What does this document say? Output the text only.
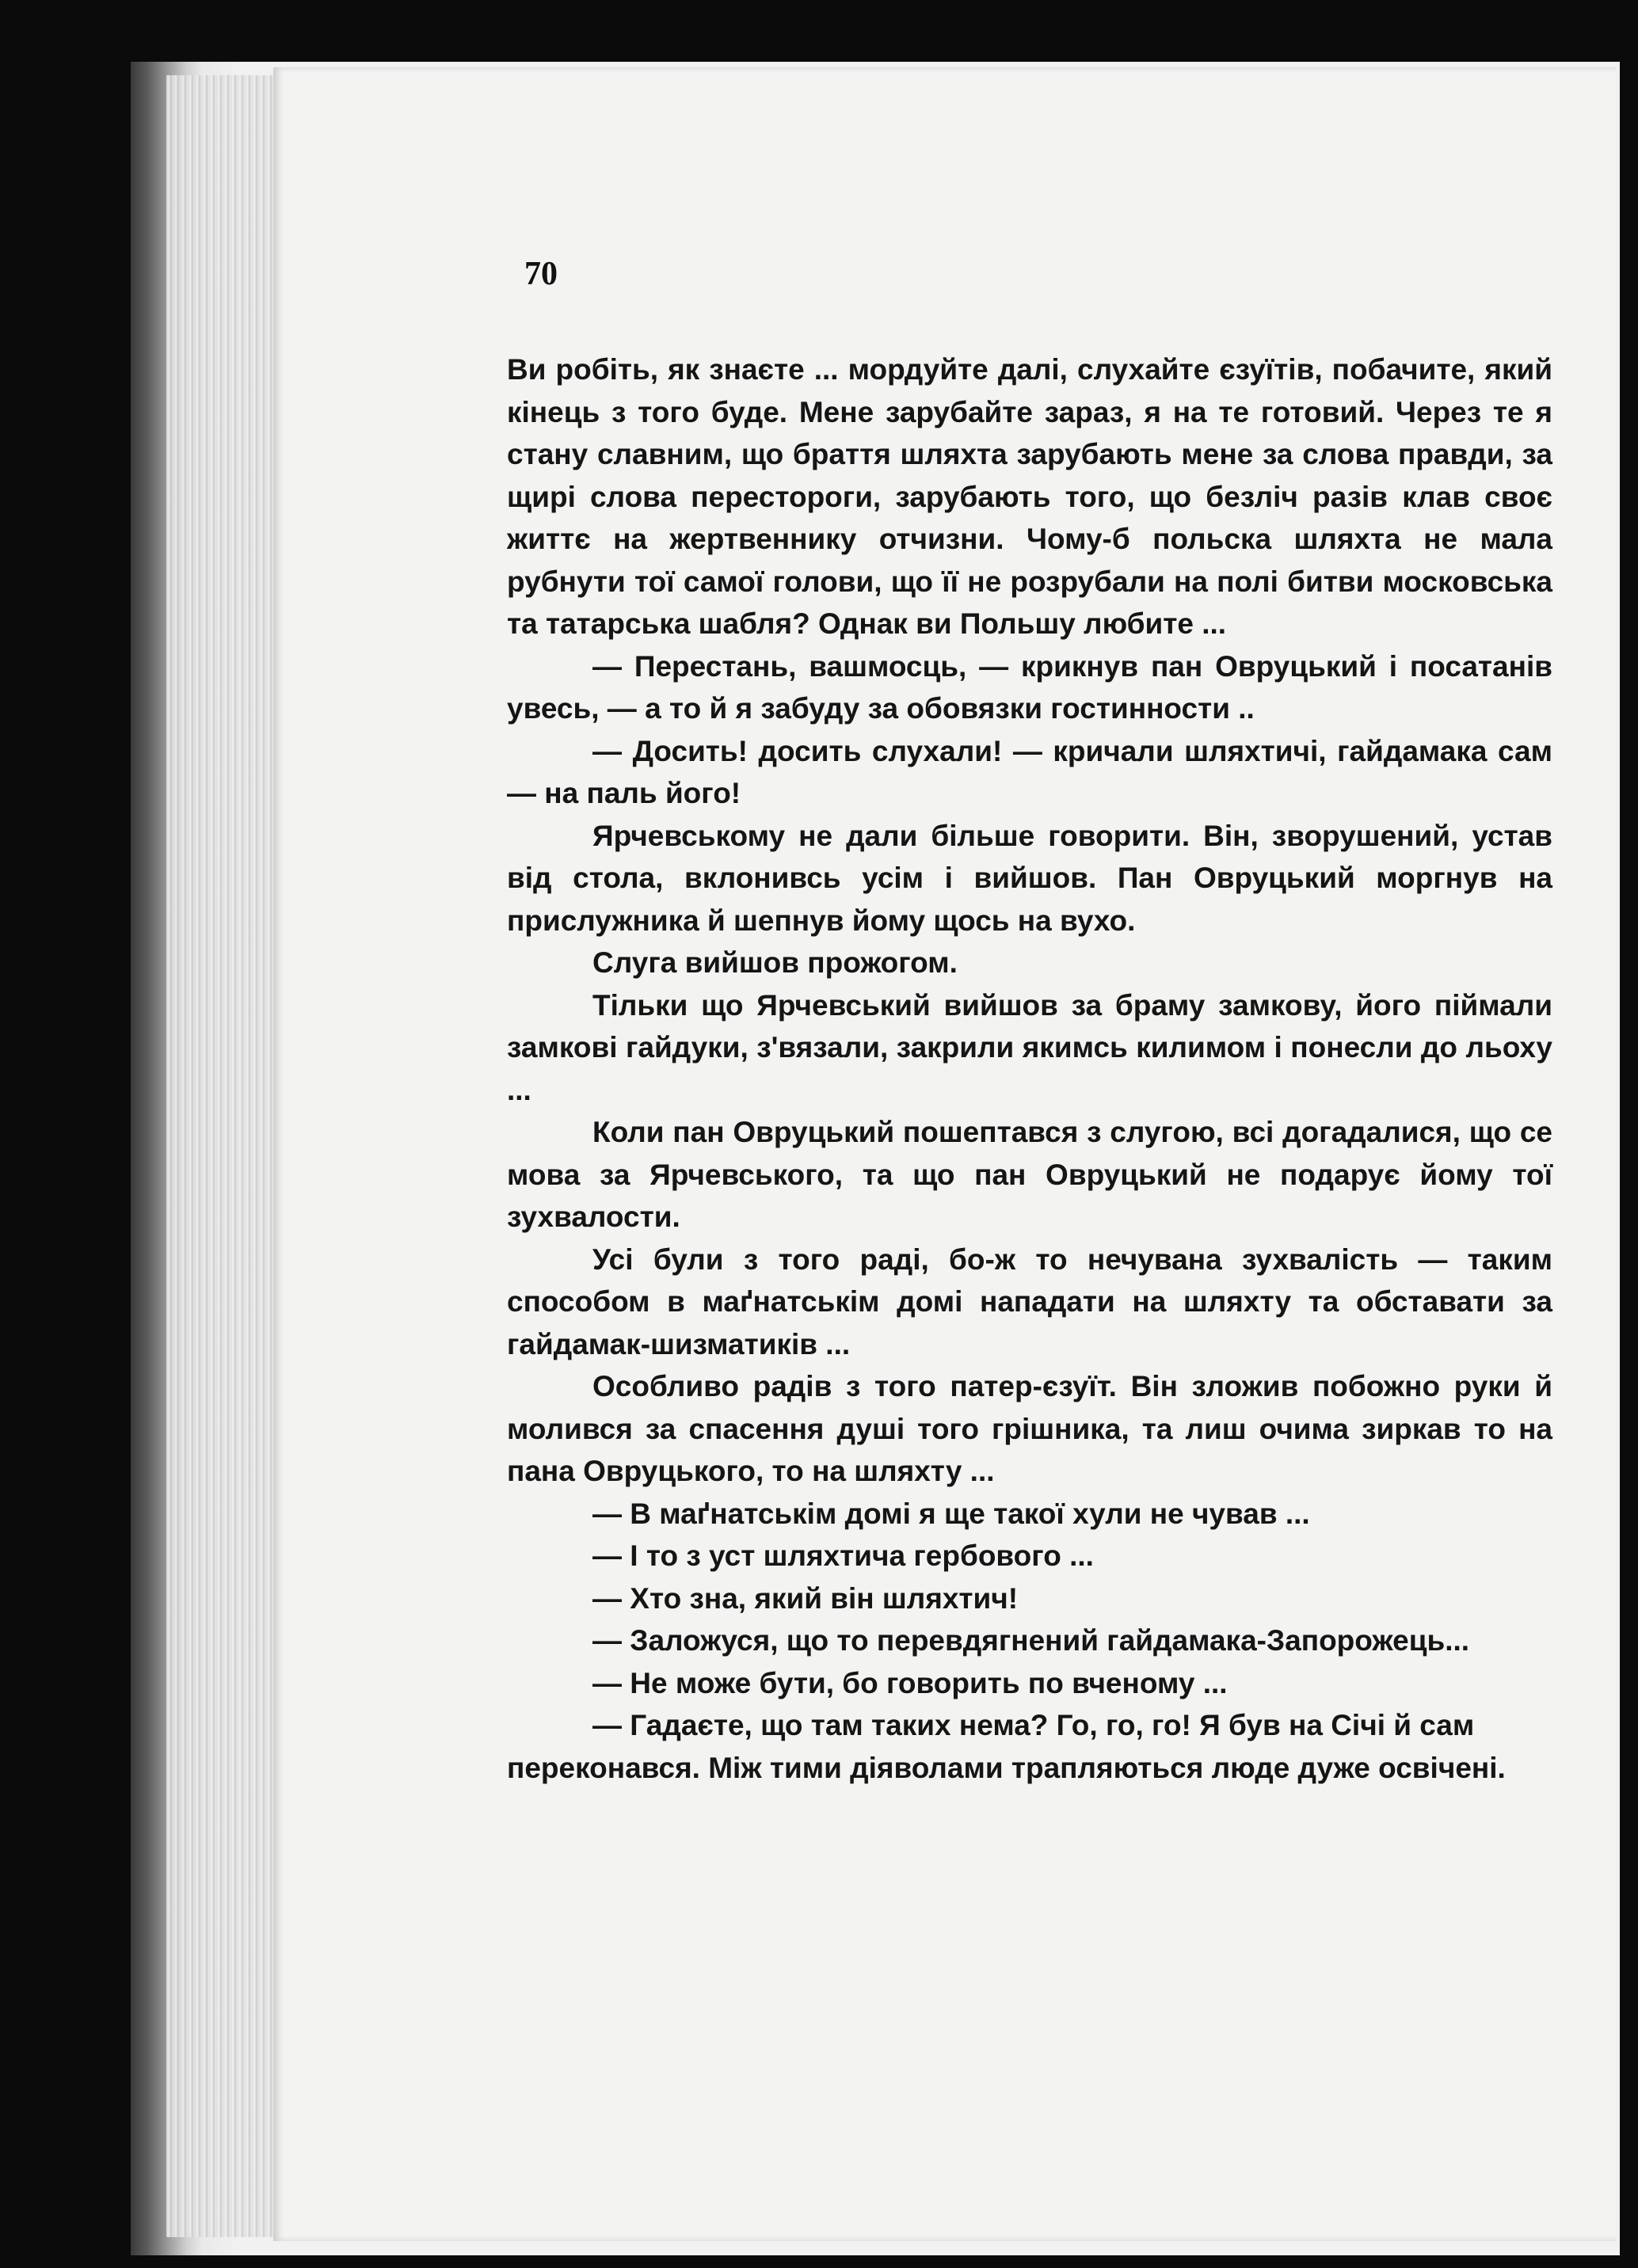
70

Ви робіть, як знаєте ... мордуйте далі, слухайте єзуїтів, побачите, який кінець з того буде. Мене зарубайте зараз, я на те готовий. Через те я стану славним, що браття шляхта зарубають мене за слова правди, за щирі слова перестороги, зарубають того, що безліч разів клав своє життє на жертвеннику отчизни. Чому-б польска шляхта не мала рубнути тої самої голови, що її не розрубали на полі битви московська та татарська шабля? Однак ви Польшу любите ...

— Перестань, вашмосць, — крикнув пан Овруцький і посатанів увесь, — а то й я забуду за обовязки гостинности ..

— Досить! досить слухали! — кричали шляхтичі, гайдамака сам — на паль його!

Ярчевському не дали більше говорити. Він, зворушений, устав від стола, вклонивсь усім і вийшов. Пан Овруцький моргнув на прислужника й шепнув йому щось на вухо.

Слуга вийшов прожогом.

Тільки що Ярчевський вийшов за браму замкову, його піймали замкові гайдуки, з'вязали, закрили якимсь килимом і понесли до льоху ...

Коли пан Овруцький пошептався з слугою, всі догадалися, що се мова за Ярчевського, та що пан Овруцький не подарує йому тої зухвалости.

Усі були з того раді, бо-ж то нечувана зухвалість — таким способом в маґнатськім домі нападати на шляхту та обставати за гайдамак-шизматиків ...

Особливо радів з того патер-єзуїт. Він зложив побожно руки й молився за спасення душі того грішника, та лиш очима зиркав то на пана Овруцького, то на шляхту ...

— В маґнатськім домі я ще такої хули не чував ...

— І то з уст шляхтича гербового ...

— Хто зна, який він шляхтич!

— Заложуся, що то перевдягнений гайдамака-Запорожець...

— Не може бути, бо говорить по вченому ...

— Гадаєте, що там таких нема? Го, го, го! Я був на Січі й сам переконався. Між тими діяволами трапляються люде дуже освічені.
